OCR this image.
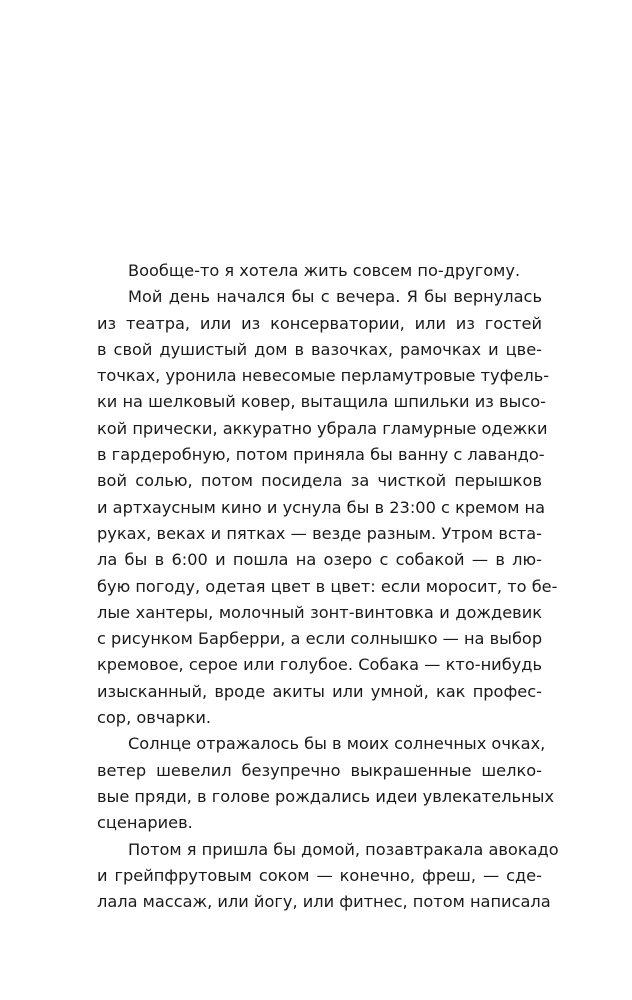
Вообще-то я хотела жить совсем по-другому.
Мой день начался бы с вечера. Я бы вернулась
из театра, или из консерватории, или из гостей
в свой душистый дом в вазочках, рамочках и цве-
точках, уронила невесомые перламутровые туфель-
ки на шелковый ковер, вытащила шпильки из высо-
кой прически, аккуратно убрала гламурные одежки
в гардеробную, потом приняла бы ванну с лавандо-
вой солью, потом посидела за чисткой перышков
и артхаусным кино и уснула бы в 23:00 с кремом на
руках, веках и пятках — везде разным. Утром вста-
ла бы в 6:00 и пошла на озеро с собакой — в лю-
бую погоду, одетая цвет в цвет: если моросит, то бе-
лые хантеры, молочный зонт-винтовка и дождевик
с рисунком Барберри, а если солнышко — на выбор
кремовое, серое или голубое. Собака — кто-нибудь
изысканный, вроде акиты или умной, как профес-
сор, овчарки.
Солнце отражалось бы в моих солнечных очках,
ветер шевелил безупречно выкрашенные шелко-
вые пряди, в голове рождались идеи увлекательных
сценариев.
Потом я пришла бы домой, позавтракала авокадо
и грейпфрутовым соком — конечно, фреш, — сде-
лала массаж, или йогу, или фитнес, потом написала
